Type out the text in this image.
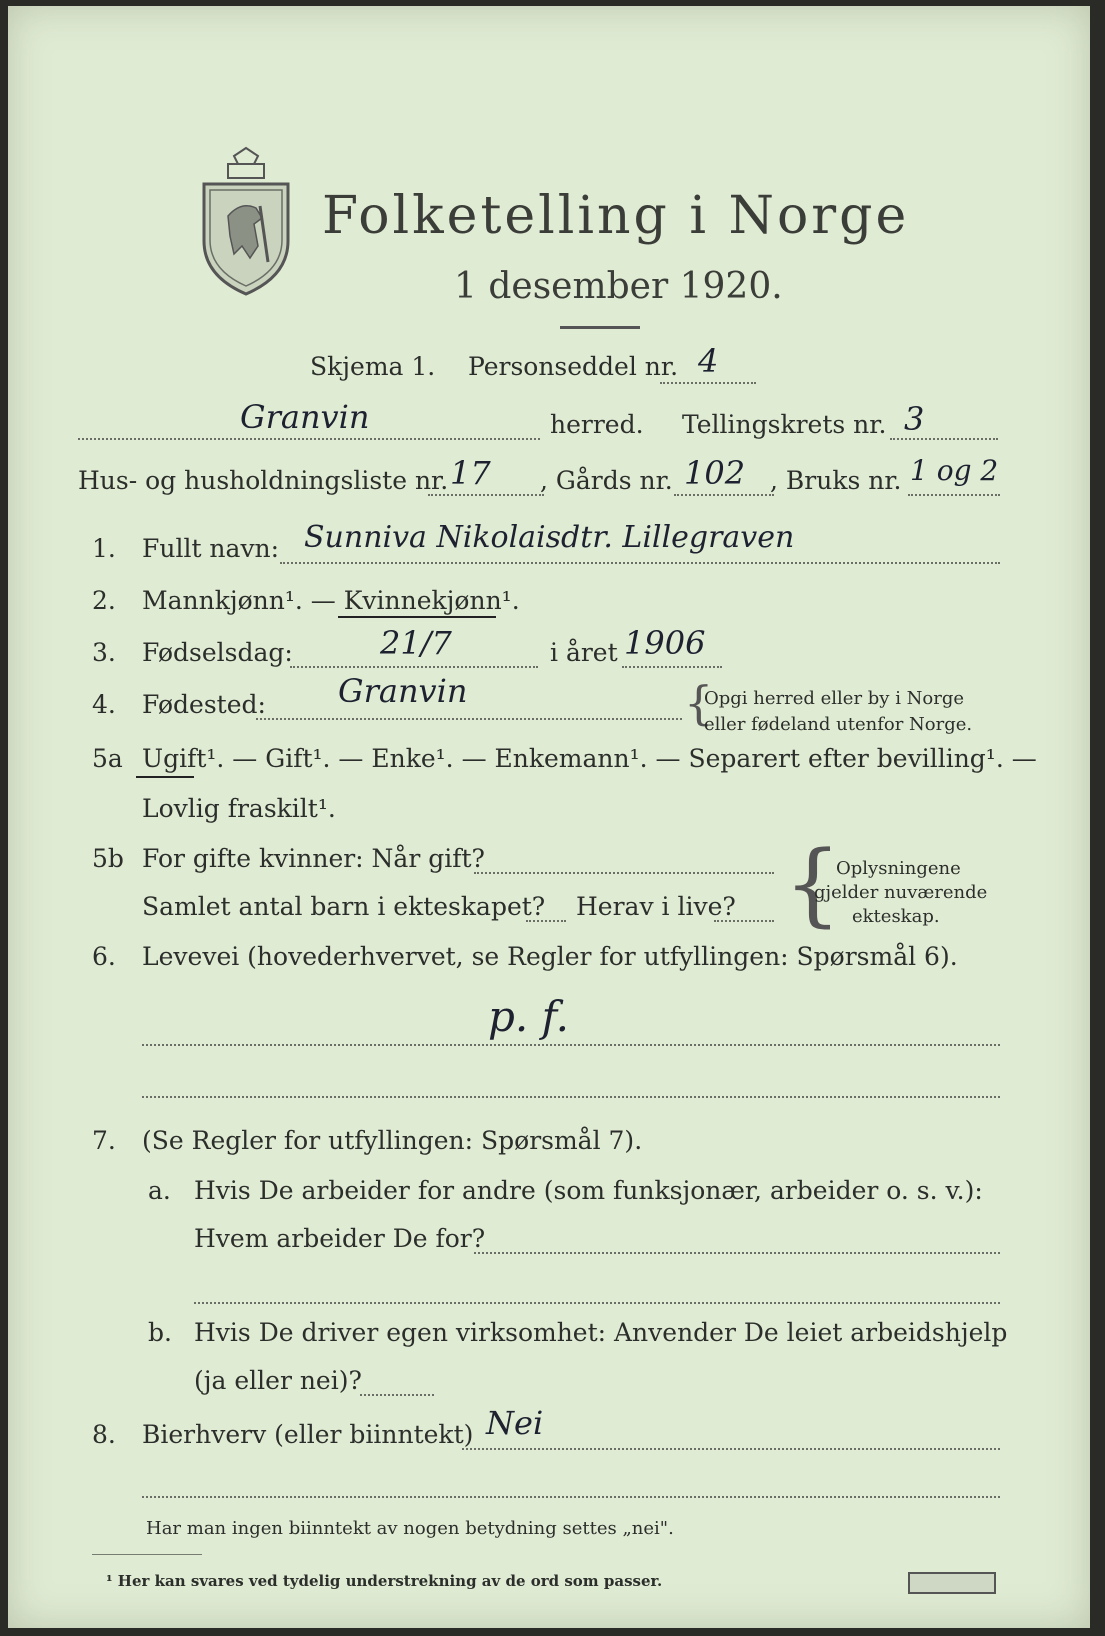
Folketelling i Norge
1 desember 1920.
Skjema 1. Personseddel nr. 4
Granvin	herred. Tellingskrets nr. 3
Hus- og husholdningsliste nr. 17 , Gårds nr. 102 , Bruks nr. 1 og 2
1. Fullt navn: Sunniva Nikolaisdtr. Lillegraven
2. Mannkjønn¹. — Kvinnekjønn¹.
3. Fødselsdag:	21/7	i året 1906
4. Fødested: Granvin	{
Opgi herred eller by i Norge
eller fødeland utenfor Norge.
5a Ugift¹. — Gift¹. — Enke¹. — Enkemann¹. — Separert efter bevilling¹. —
Lovlig fraskilt¹.
5b For gifte kvinner: Når gift?
Samlet antal barn i ekteskapet? Herav i live? {
Oplysningene
gjelder nuværende
ekteskap.
6. Levevei (hovederhvervet, se Regler for utfyllingen: Spørsmål 6).
p. f.
7. (Se Regler for utfyllingen: Spørsmål 7).
a. Hvis De arbeider for andre (som funksjonær, arbeider o. s. v.):
Hvem arbeider De for?
b. Hvis De driver egen virksomhet: Anvender De leiet arbeidshjelp
(ja eller nei)?
8. Bierhverv (eller biinntekt) Nei
Har man ingen biinntekt av nogen betydning settes „nei".
¹ Her kan svares ved tydelig understrekning av de ord som passer.
